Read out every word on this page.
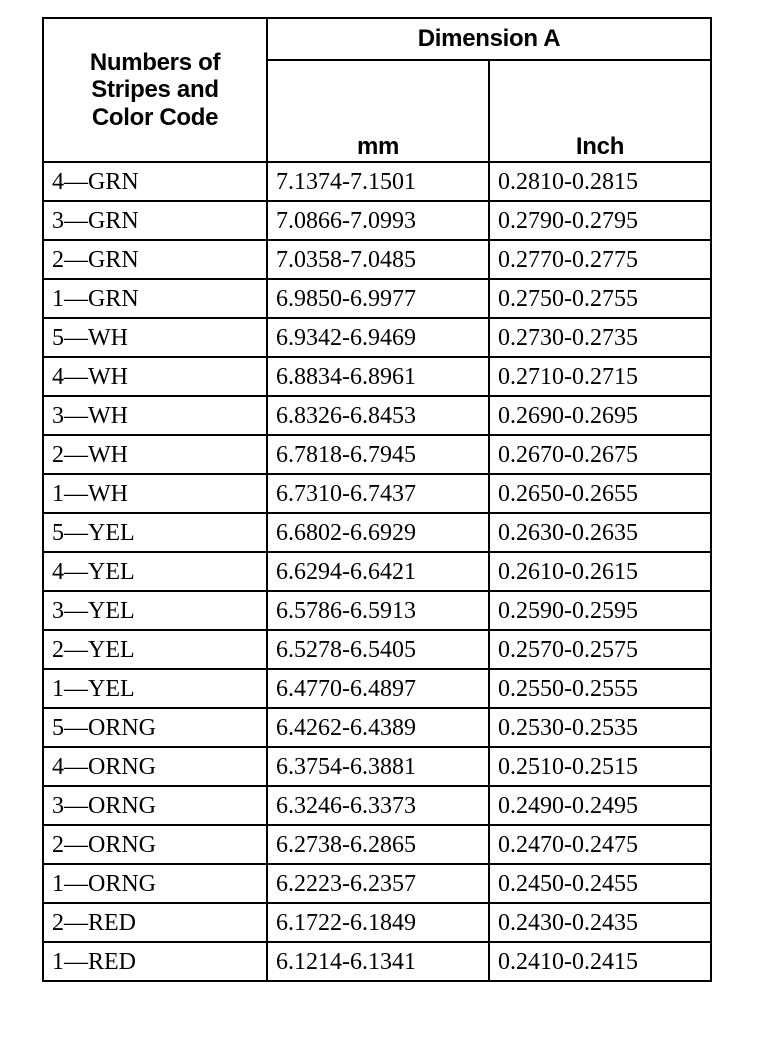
Numbers of
Stripes and
Color Code	Dimension A	
	mm	Inch
4—GRN	7.1374-7.1501	0.2810-0.2815
3—GRN	7.0866-7.0993	0.2790-0.2795
2—GRN	7.0358-7.0485	0.2770-0.2775
1—GRN	6.9850-6.9977	0.2750-0.2755
5—WH	6.9342-6.9469	0.2730-0.2735
4—WH	6.8834-6.8961	0.2710-0.2715
3—WH	6.8326-6.8453	0.2690-0.2695
2—WH	6.7818-6.7945	0.2670-0.2675
1—WH	6.7310-6.7437	0.2650-0.2655
5—YEL	6.6802-6.6929	0.2630-0.2635
4—YEL	6.6294-6.6421	0.2610-0.2615
3—YEL	6.5786-6.5913	0.2590-0.2595
2—YEL	6.5278-6.5405	0.2570-0.2575
1—YEL	6.4770-6.4897	0.2550-0.2555
5—ORNG	6.4262-6.4389	0.2530-0.2535
4—ORNG	6.3754-6.3881	0.2510-0.2515
3—ORNG	6.3246-6.3373	0.2490-0.2495
2—ORNG	6.2738-6.2865	0.2470-0.2475
1—ORNG	6.2223-6.2357	0.2450-0.2455
2—RED	6.1722-6.1849	0.2430-0.2435
1—RED	6.1214-6.1341	0.2410-0.2415
